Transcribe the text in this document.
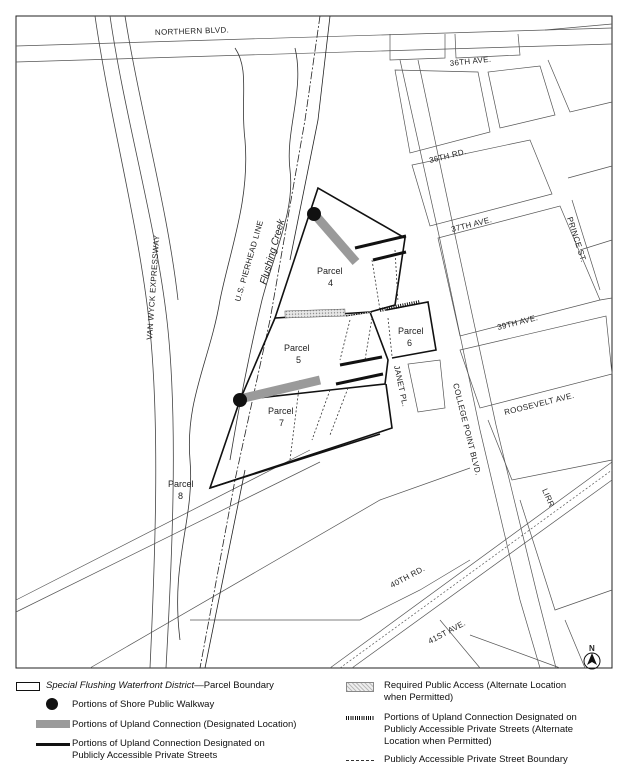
NORTHERN BLVD.
36TH AVE.
36TH RD.
37TH AVE.	PRINCE ST.
39TH AVE.
ROOSEVELT AVE.
JANET PL.	COLLEGE POINT BLVD.
VAN WYCK EXPRESSWAY	U.S. PIERHEAD LINE
LIRR
40TH RD.
41ST AVE.
Flushing Creek	Parcel
4
Parcel
5
Parcel
6
Parcel
7
Parcel
8
N
Special Flushing Waterfront District—Parcel Boundary
Portions of Shore Public Walkway
Portions of Upland Connection (Designated Location)
Portions of Upland Connection Designated on
Publicly Accessible Private Streets
Required Public Access (Alternate Location
when Permitted)
Portions of Upland Connection Designated on
Publicly Accessible Private Streets (Alternate
Location when Permitted)
Publicly Accessible Private Street Boundary
